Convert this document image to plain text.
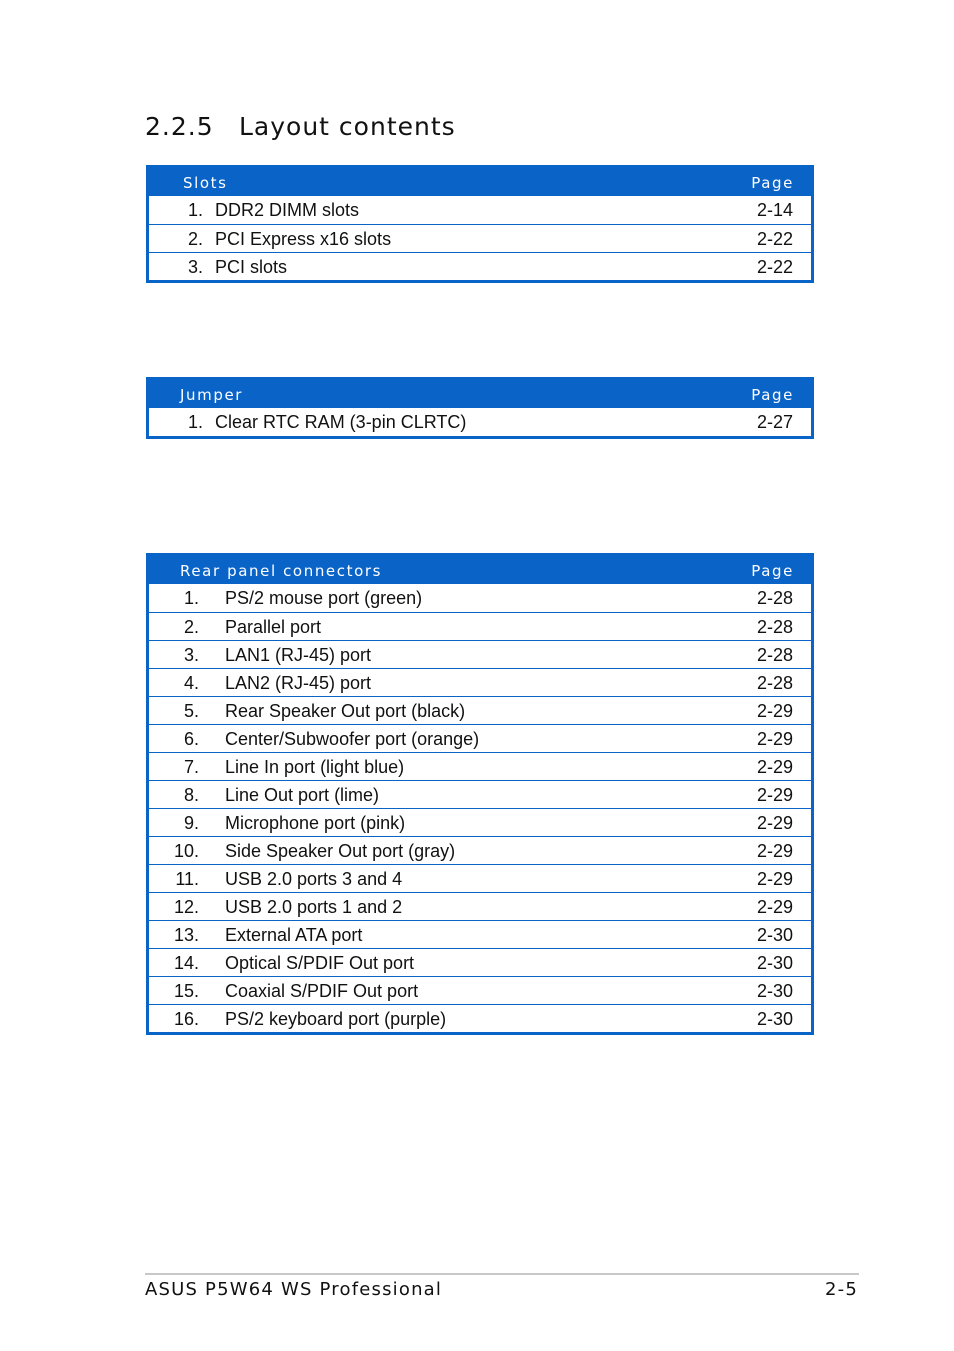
2.2.5 Layout contents
Slots	Page
1. DDR2 DIMM slots	2-14
2. PCI Express x16 slots	2-22
3. PCI slots	2-22
Jumper	Page
1. Clear RTC RAM (3-pin CLRTC)	2-27
Rear panel connectors	Page
1. PS/2 mouse port (green)	2-28
2. Parallel port	2-28
3. LAN1 (RJ-45) port	2-28
4. LAN2 (RJ-45) port	2-28
5. Rear Speaker Out port (black)	2-29
6. Center/Subwoofer port (orange)	2-29
7. Line In port (light blue)	2-29
8. Line Out port (lime)	2-29
9. Microphone port (pink)	2-29
10. Side Speaker Out port (gray)	2-29
11. USB 2.0 ports 3 and 4	2-29
12. USB 2.0 ports 1 and 2	2-29
13. External ATA port	2-30
14. Optical S/PDIF Out port	2-30
15. Coaxial S/PDIF Out port	2-30
16. PS/2 keyboard port (purple)	2-30
ASUS P5W64 WS Professional	2-5
